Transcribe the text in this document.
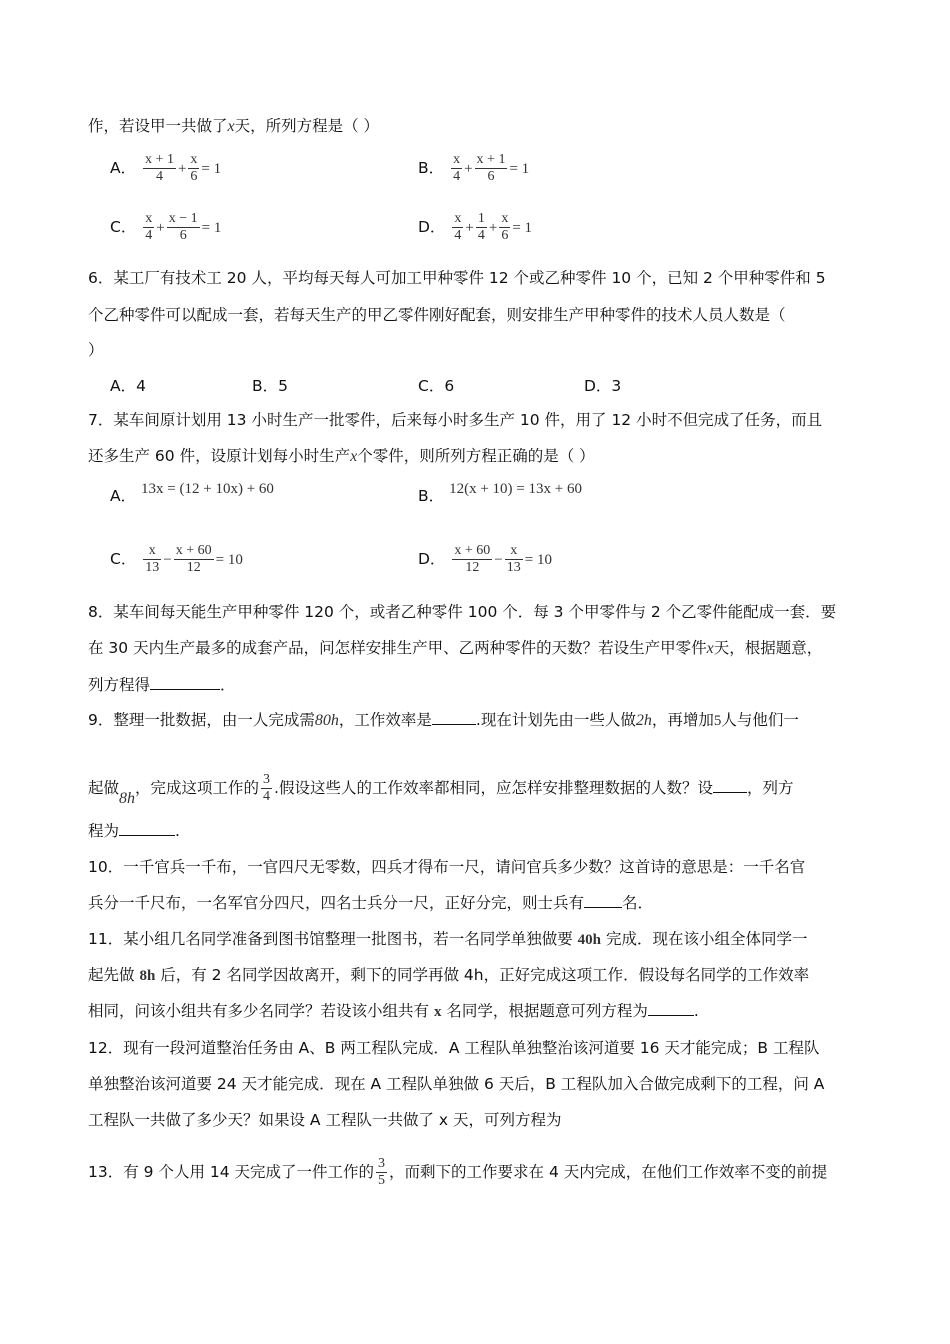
作，若设甲一共做了x天，所列方程是（ ）
A． $\frac{x + 1}{4} + \frac{x}{6} = 1$	B． $\frac{x}{4} + \frac{x + 1}{6} = 1$
C． $\frac{x}{4} + \frac{x - 1}{6} = 1$	D． $\frac{x}{4} + \frac{1}{4} + \frac{x}{6} = 1$
6．某工厂有技术工 20 人，平均每天每人可加工甲种零件 12 个或乙种零件 10 个，已知 2 个甲种零件和 5
个乙种零件可以配成一套，若每天生产的甲乙零件刚好配套，则安排生产甲种零件的技术人员人数是（
）
A．4	B．5	C．6	D．3
7．某车间原计划用 13 小时生产一批零件，后来每小时多生产 10 件，用了 12 小时不但完成了任务，而且
还多生产 60 件，设原计划每小时生产x个零件，则所列方程正确的是（ ）
A． 13x = (12 + 10x) + 60	B． 12(x + 10) = 13x + 60
C． $\frac{x}{13} - \frac{x + 60}{12} = 10$	D． $\frac{x + 60}{12} - \frac{x}{13} = 10$
8．某车间每天能生产甲种零件 120 个，或者乙种零件 100 个．每 3 个甲零件与 2 个乙零件能配成一套．要
在 30 天内生产最多的成套产品，问怎样安排生产甲、乙两种零件的天数？若设生产甲零件x天，根据题意，
列方程得	．
9．整理一批数据，由一人完成需80h，工作效率是	.现在计划先由一些人做2h，再增加5人与他们一
起做8h，完成这项工作的 $\frac{3}{4}$ .假设这些人的工作效率都相同，应怎样安排整理数据的人数？设 ，列方
程为	.
10．一千官兵一千布，一官四尺无零数，四兵才得布一尺，请问官兵多少数？这首诗的意思是：一千名官
兵分一千尺布，一名军官分四尺，四名士兵分一尺，正好分完，则士兵有 名．
11．某小组几名同学准备到图书馆整理一批图书，若一名同学单独做要 40h 完成．现在该小组全体同学一
起先做 8h 后，有 2 名同学因故离开，剩下的同学再做 4h，正好完成这项工作．假设每名同学的工作效率
相同，问该小组共有多少名同学？若设该小组共有 x 名同学，根据题意可列方程为	.
12．现有一段河道整治任务由 A、B 两工程队完成．A 工程队单独整治该河道要 16 天才能完成；B 工程队
单独整治该河道要 24 天才能完成．现在 A 工程队单独做 6 天后，B 工程队加入合做完成剩下的工程，问 A
工程队一共做了多少天？如果设 A 工程队一共做了 x 天，可列方程为
13．有 9 个人用 14 天完成了一件工作的 $\frac{3}{5}$ ，而剩下的工作要求在 4 天内完成，在他们工作效率不变的前提
